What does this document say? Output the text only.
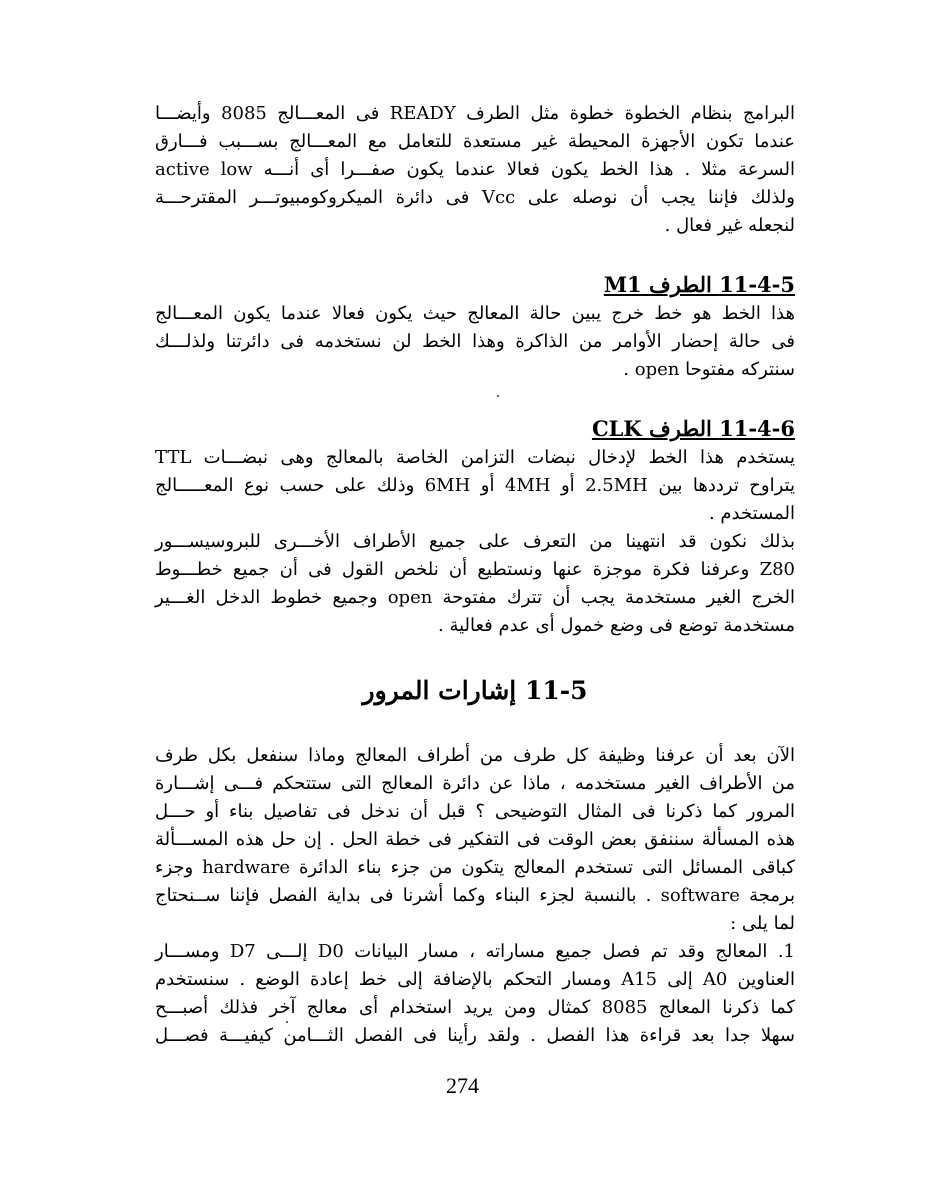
البرامج بنظام الخطوة خطوة مثل الطرف READY فى المعـــالج 8085 وأيضـــا
عندما تكون الأجهزة المحيطة غير مستعدة للتعامل مع المعـــالج بســـبب فـــارق
السرعة مثلا . هذا الخط يكون فعالا عندما يكون صفـــرا أى أنـــه active low
ولذلك فإننا يجب أن نوصله على Vcc فى دائرة الميكروكومبيوتـــر المقترحـــة
لنجعله غير فعال .

11-4-5 الطرف M1

هذا الخط هو خط خرج يبين حالة المعالج حيث يكون فعالا عندما يكون المعـــالج
فى حالة إحضار الأوامر من الذاكرة وهذا الخط لن نستخدمه فى دائرتنا ولذلـــك
سنتركه مفتوحا open .

11-4-6 الطرف CLK

يستخدم هذا الخط لإدخال نبضات التزامن الخاصة بالمعالج وهى نبضـــات TTL
يتراوح ترددها بين 2.5MH أو 4MH أو 6MH وذلك على حسب نوع المعـــــالج
المستخدم .

بذلك نكون قد انتهينا من التعرف على جميع الأطراف الأخـــرى للبروسيســـور
Z80 وعرفنا فكرة موجزة عنها ونستطيع أن نلخص القول فى أن جميع خطـــوط
الخرج الغير مستخدمة يجب أن تترك مفتوحة open وجميع خطوط الدخل الغـــير
مستخدمة توضع فى وضع خمول أى عدم فعالية .

11-5 إشارات المرور

الآن بعد أن عرفنا وظيفة كل طرف من أطراف المعالج وماذا سنفعل بكل طرف
من الأطراف الغير مستخدمه ، ماذا عن دائرة المعالج التى ستتحكم فـــى إشـــارة
المرور كما ذكرنا فى المثال التوضيحى ؟ قبل أن ندخل فى تفاصيل بناء أو حـــل
هذه المسألة سننفق بعض الوقت فى التفكير فى خطة الحل . إن حل هذه المســـألة
كباقى المسائل التى تستخدم المعالج يتكون من جزء بناء الدائرة hardware وجزء
برمجة software . بالنسبة لجزء البناء وكما أشرنا فى بداية الفصل فإننا ســنحتاج
لما يلى :

1. المعالج وقد تم فصل جميع مساراته ، مسار البيانات D0 إلـــى D7 ومســـار
العناوين A0 إلى A15 ومسار التحكم بالإضافة إلى خط إعادة الوضع . سنستخدم
كما ذكرنا المعالج 8085 كمثال ومن يريد استخدام أى معالج آخر فذلك أصبـــح
سهلا جدا بعد قراءة هذا الفصل . ولقد رأينا فى الفصل الثـــامن كيفيـــة فصـــل

274
